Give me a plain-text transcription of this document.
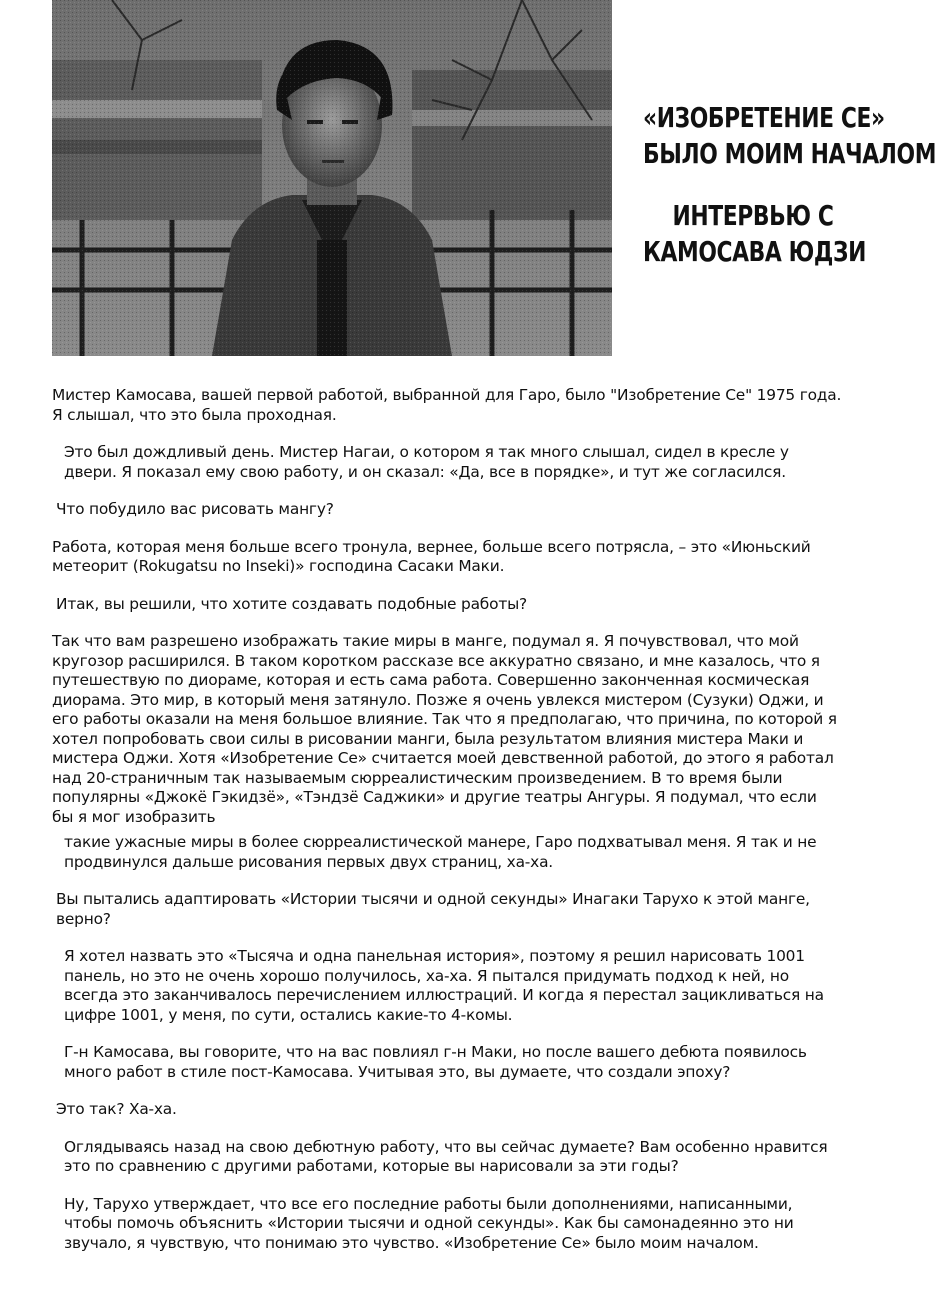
«ИЗОБРЕТЕНИЕ СЕ»
БЫЛО МОИМ НАЧАЛОМ
ИНТЕРВЬЮ С
КАМОСАВА ЮДЗИ

Мистер Камосава, вашей первой работой, выбранной для Гаро, было "Изобретение Се" 1975 года. Я слышал, что это была проходная.

Это был дождливый день. Мистер Нагаи, о котором я так много слышал, сидел в кресле у двери. Я показал ему свою работу, и он сказал: «Да, все в порядке», и тут же согласился.

Что побудило вас рисовать мангу?

Работа, которая меня больше всего тронула, вернее, больше всего потрясла, – это «Июньский метеорит (Rokugatsu no Inseki)» господина Сасаки Маки.

Итак, вы решили, что хотите создавать подобные работы?

Так что вам разрешено изображать такие миры в манге, подумал я. Я почувствовал, что мой кругозор расширился. В таком коротком рассказе все аккуратно связано, и мне казалось, что я путешествую по диораме, которая и есть сама работа. Совершенно законченная космическая диорама. Это мир, в который меня затянуло. Позже я очень увлекся мистером (Сузуки) Оджи, и его работы оказали на меня большое влияние. Так что я предполагаю, что причина, по которой я хотел попробовать свои силы в рисовании манги, была результатом влияния мистера Маки и мистера Оджи. Хотя «Изобретение Се» считается моей девственной работой, до этого я работал над 20-страничным так называемым сюрреалистическим произведением. В то время были популярны «Джокё Гэкидзё», «Тэндзё Саджики» и другие театры Ангуры. Я подумал, что если бы я мог изобразить

такие ужасные миры в более сюрреалистической манере, Гаро подхватывал меня. Я так и не продвинулся дальше рисования первых двух страниц, ха-ха.

Вы пытались адаптировать «Истории тысячи и одной секунды» Инагаки Тарухо к этой манге, верно?

Я хотел назвать это «Тысяча и одна панельная история», поэтому я решил нарисовать 1001 панель, но это не очень хорошо получилось, ха-ха. Я пытался придумать подход к ней, но всегда это заканчивалось перечислением иллюстраций. И когда я перестал зацикливаться на цифре 1001, у меня, по сути, остались какие-то 4-комы.

Г-н Камосава, вы говорите, что на вас повлиял г-н Маки, но после вашего дебюта появилось много работ в стиле пост-Камосава. Учитывая это, вы думаете, что создали эпоху?

Это так? Ха-ха.

Оглядываясь назад на свою дебютную работу, что вы сейчас думаете? Вам особенно нравится это по сравнению с другими работами, которые вы нарисовали за эти годы?

Ну, Тарухо утверждает, что все его последние работы были дополнениями, написанными, чтобы помочь объяснить «Истории тысячи и одной секунды». Как бы самонадеянно это ни звучало, я чувствую, что понимаю это чувство. «Изобретение Се» было моим началом.
